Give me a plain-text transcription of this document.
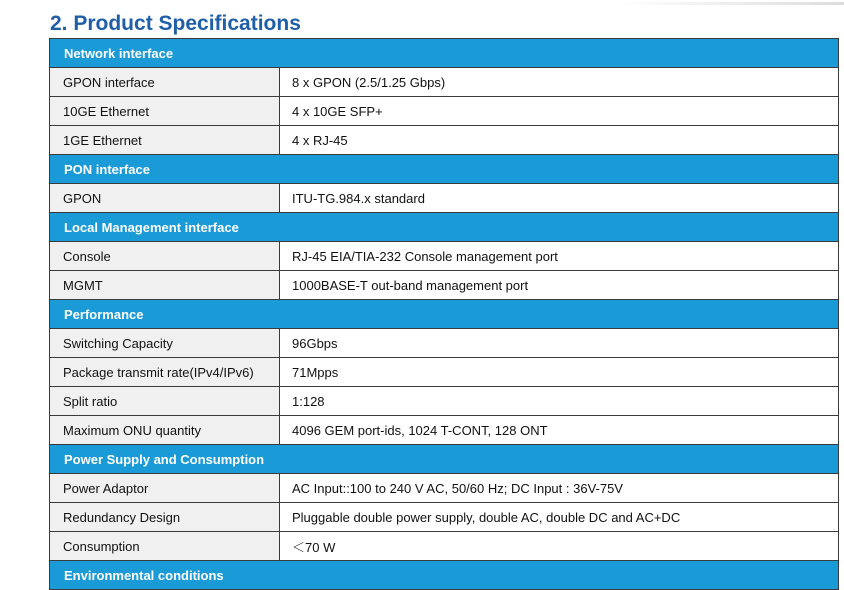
2. Product Specifications
Network interface	
GPON interface	8 x GPON (2.5/1.25 Gbps)
10GE Ethernet	4 x 10GE SFP+
1GE Ethernet	4 x RJ-45
PON interface	
GPON	ITU-TG.984.x standard
Local Management interface	
Console	RJ-45 EIA/TIA-232 Console management port
MGMT	1000BASE-T out-band management port
Performance	
Switching Capacity	96Gbps
Package transmit rate(IPv4/IPv6)	71Mpps
Split ratio	1:128
Maximum ONU quantity	4096 GEM port-ids, 1024 T-CONT, 128 ONT
Power Supply and Consumption	
Power Adaptor	AC Input::100 to 240 V AC, 50/60 Hz; DC Input : 36V-75V
Redundancy Design	Pluggable double power supply, double AC, double DC and AC+DC
Consumption	＜70 W
Environmental conditions	
